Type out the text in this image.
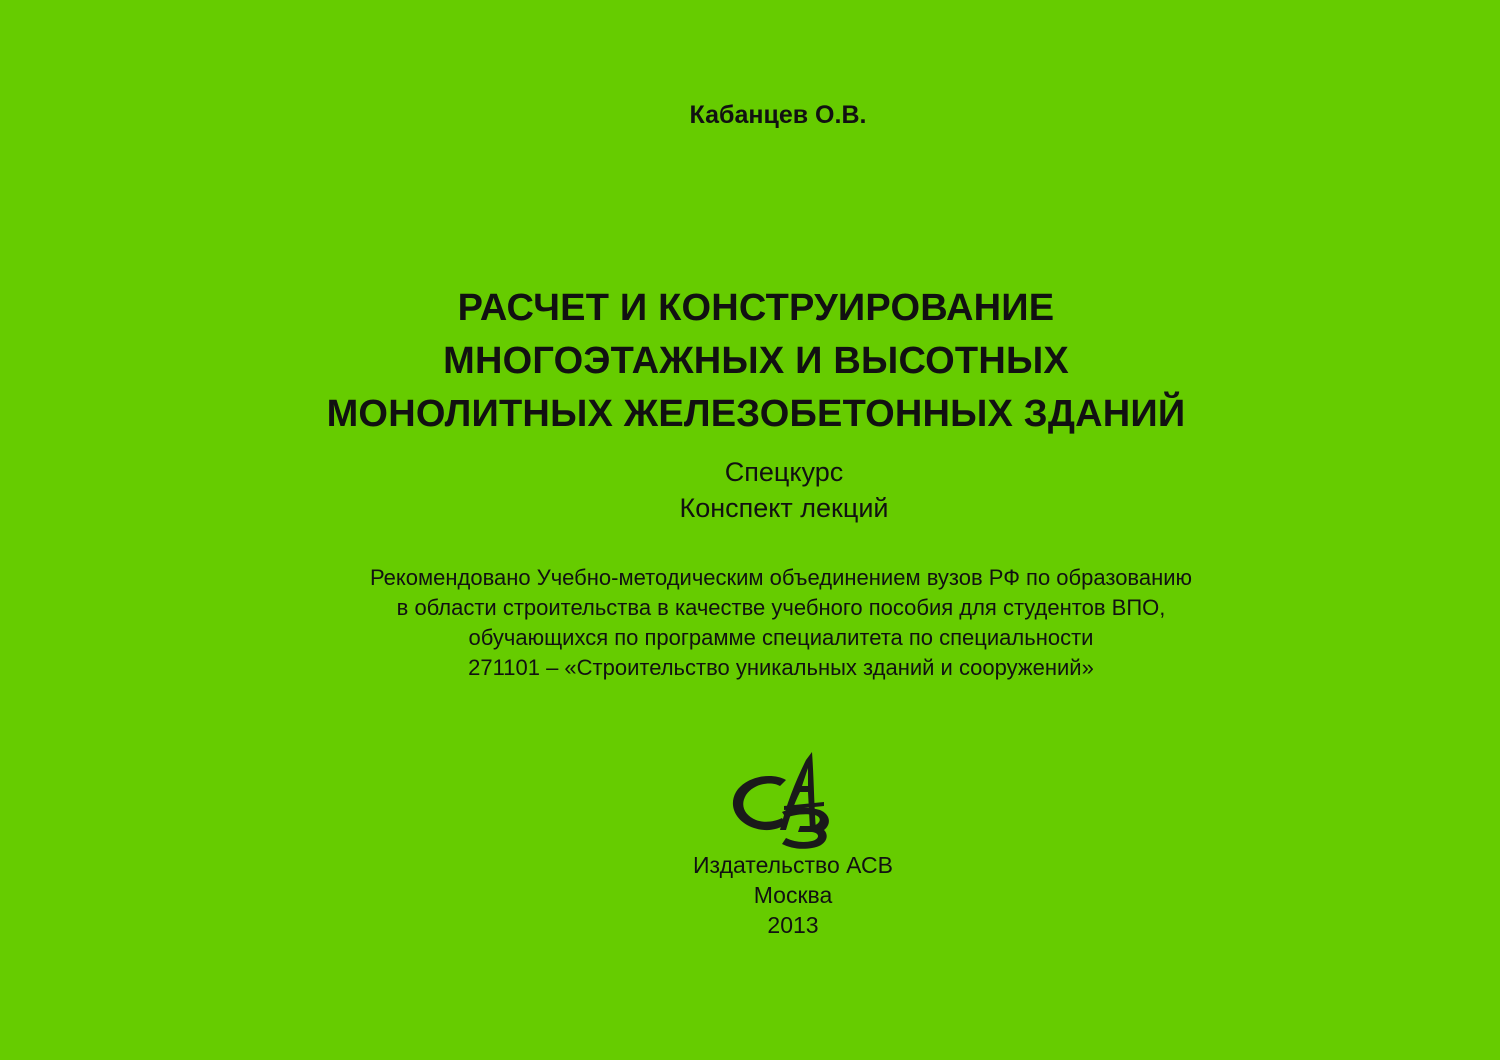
Кабанцев О.В.
РАСЧЕТ И КОНСТРУИРОВАНИЕ
МНОГОЭТАЖНЫХ И ВЫСОТНЫХ
МОНОЛИТНЫХ ЖЕЛЕЗОБЕТОННЫХ ЗДАНИЙ
Спецкурс
Конспект лекций
Рекомендовано Учебно-методическим объединением вузов РФ по образованию
в области строительства в качестве учебного пособия для студентов ВПО,
обучающихся по программе специалитета по специальности
271101 – «Строительство уникальных зданий и сооружений»
Издательство АСВ
Москва
2013
